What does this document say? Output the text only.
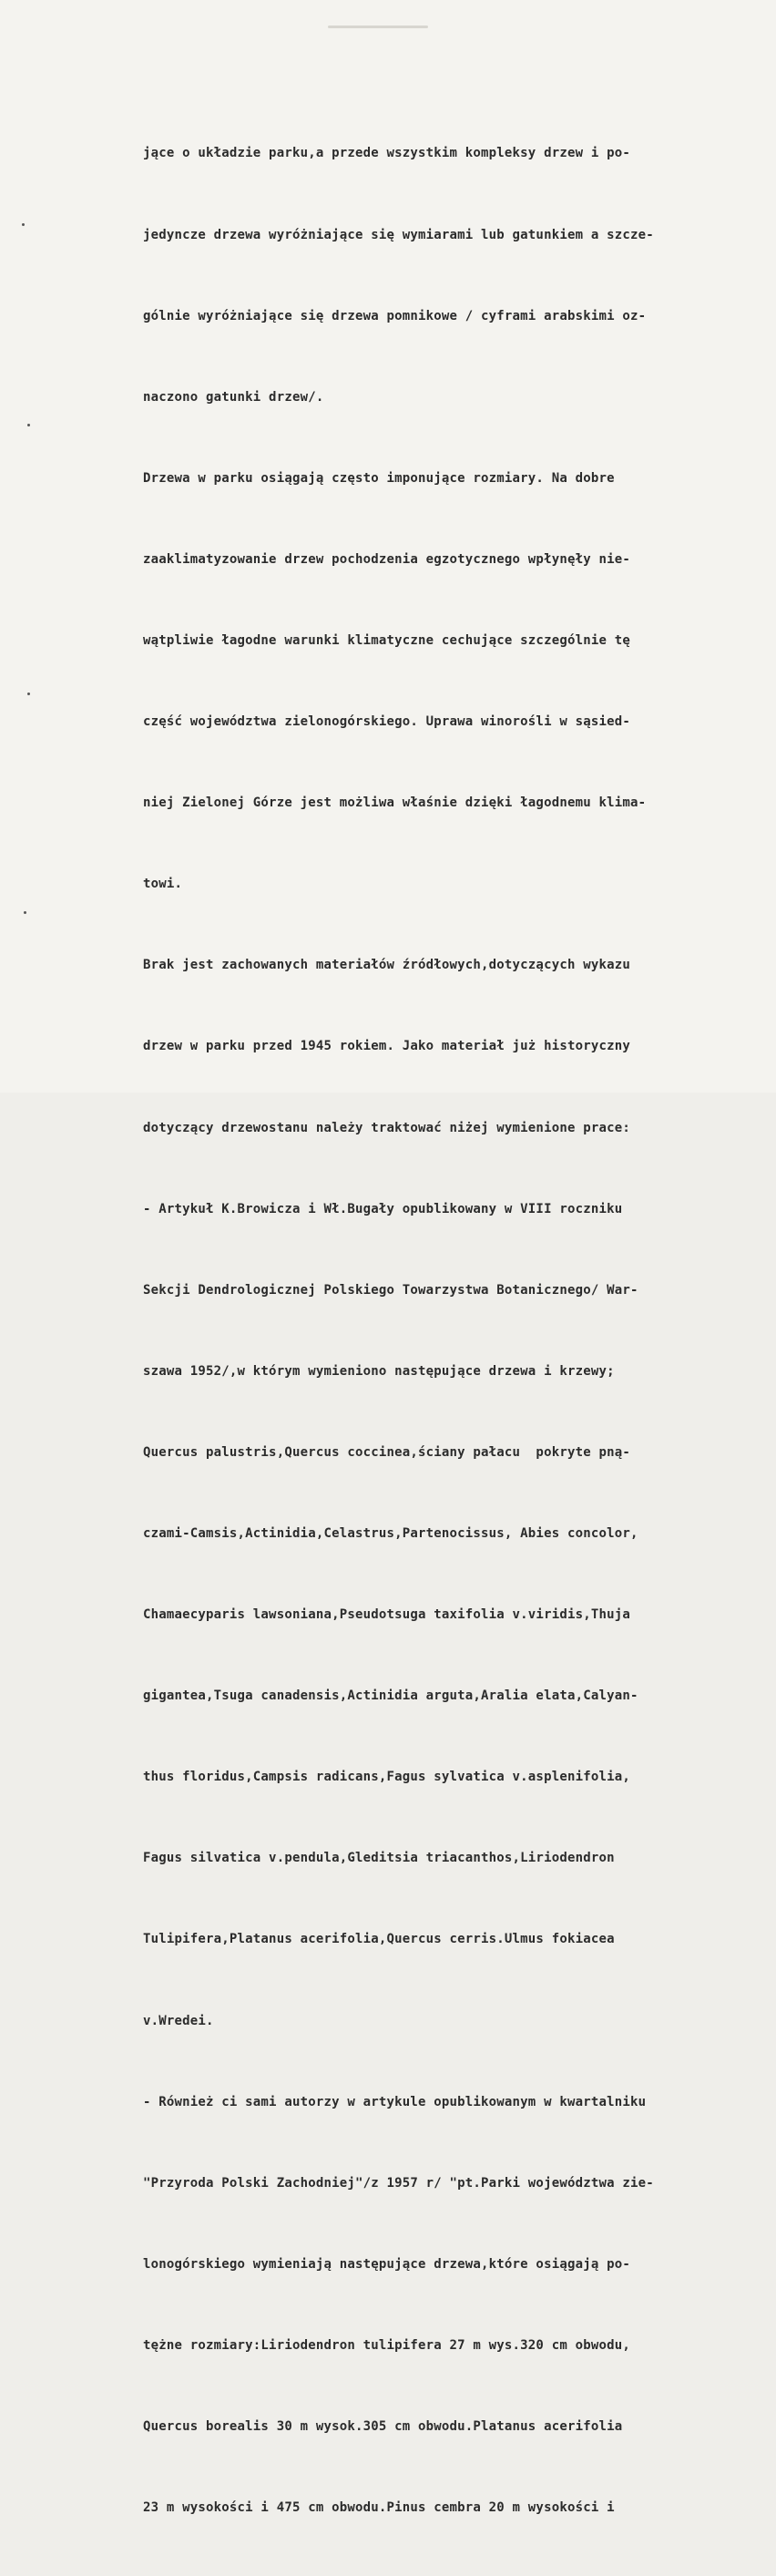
jące o układzie parku,a przede wszystkim kompleksy drzew i po-

jedyncze drzewa wyróżniające się wymiarami lub gatunkiem a szcze-

gólnie wyróżniające się drzewa pomnikowe / cyframi arabskimi oz-

naczono gatunki drzew/.

Drzewa w parku osiągają często imponujące rozmiary. Na dobre

zaaklimatyzowanie drzew pochodzenia egzotycznego wpłynęły nie-

wątpliwie łagodne warunki klimatyczne cechujące szczególnie tę

część województwa zielonogórskiego. Uprawa winorośli w sąsied-

niej Zielonej Górze jest możliwa właśnie dzięki łagodnemu klima-

towi.

Brak jest zachowanych materiałów źródłowych,dotyczących wykazu

drzew w parku przed 1945 rokiem. Jako materiał już historyczny

dotyczący drzewostanu należy traktować niżej wymienione prace:

- Artykuł K.Browicza i Wł.Bugały opublikowany w VIII roczniku

Sekcji Dendrologicznej Polskiego Towarzystwa Botanicznego/ War-

szawa 1952/,w którym wymieniono następujące drzewa i krzewy;

Quercus palustris,Quercus coccinea,ściany pałacu  pokryte pną-

czami-Camsis,Actinidia,Celastrus,Partenocissus, Abies concolor,

Chamaecyparis lawsoniana,Pseudotsuga taxifolia v.viridis,Thuja

gigantea,Tsuga canadensis,Actinidia arguta,Aralia elata,Calyan-

thus floridus,Campsis radicans,Fagus sylvatica v.asplenifolia,

Fagus silvatica v.pendula,Gleditsia triacanthos,Liriodendron

Tulipifera,Platanus acerifolia,Quercus cerris.Ulmus fokiacea

v.Wredei.

- Również ci sami autorzy w artykule opublikowanym w kwartalniku

"Przyroda Polski Zachodniej"/z 1957 r/ "pt.Parki województwa zie-

lonogórskiego wymieniają następujące drzewa,które osiągają po-

tężne rozmiary:Liriodendron tulipifera 27 m wys.320 cm obwodu,

Quercus borealis 30 m wysok.305 cm obwodu.Platanus acerifolia

23 m wysokości i 475 cm obwodu.Pinus cembra 20 m wysokości i
